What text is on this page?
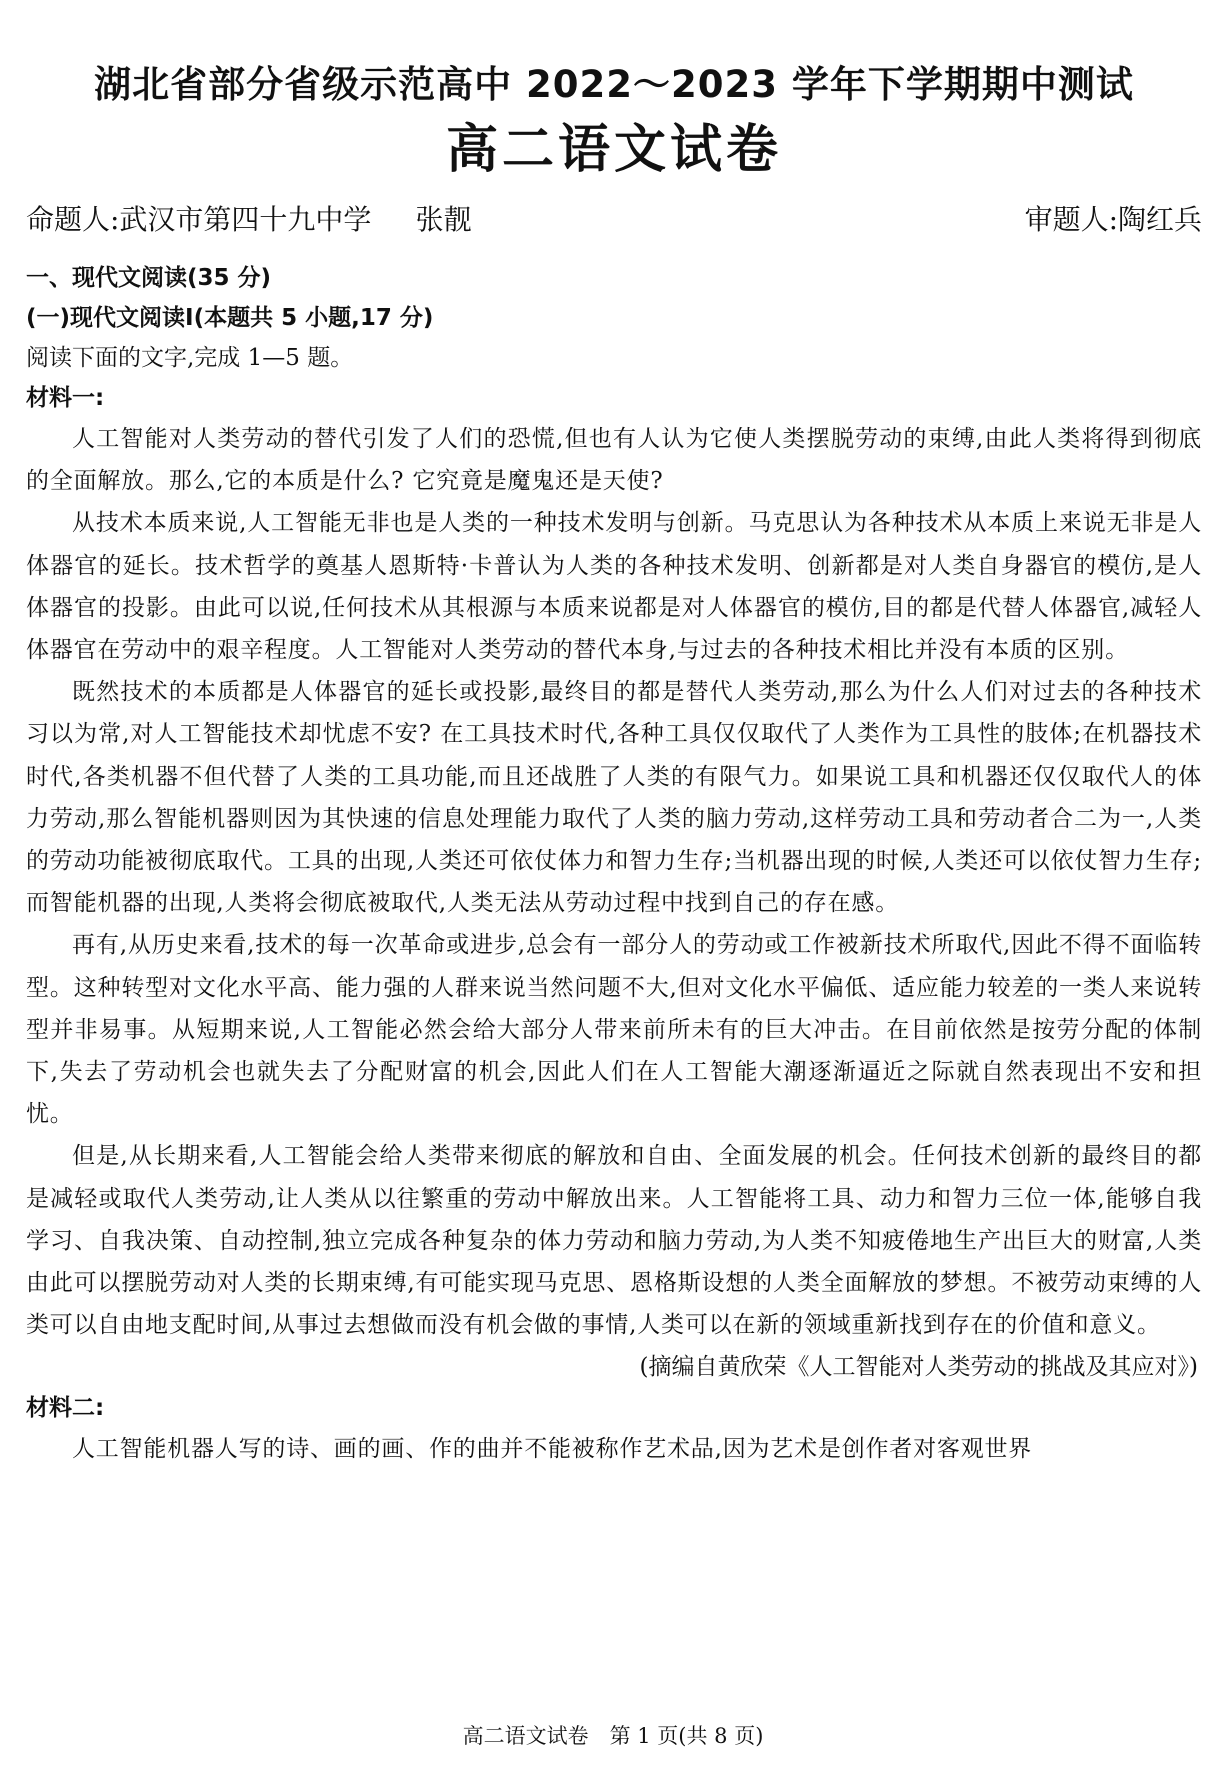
湖北省部分省级示范高中 2022～2023 学年下学期期中测试
高二语文试卷
命题人:武汉市第四十九中学 张靓	审题人:陶红兵
一、现代文阅读(35 分)
(一)现代文阅读Ⅰ(本题共 5 小题,17 分)
阅读下面的文字,完成 1—5 题。
材料一:

人工智能对人类劳动的替代引发了人们的恐慌,但也有人认为它使人类摆脱劳动的束缚,由此人类将得到彻底的全面解放。那么,它的本质是什么? 它究竟是魔鬼还是天使?

从技术本质来说,人工智能无非也是人类的一种技术发明与创新。马克思认为各种技术从本质上来说无非是人体器官的延长。技术哲学的奠基人恩斯特·卡普认为人类的各种技术发明、创新都是对人类自身器官的模仿,是人体器官的投影。由此可以说,任何技术从其根源与本质来说都是对人体器官的模仿,目的都是代替人体器官,减轻人体器官在劳动中的艰辛程度。人工智能对人类劳动的替代本身,与过去的各种技术相比并没有本质的区别。

既然技术的本质都是人体器官的延长或投影,最终目的都是替代人类劳动,那么为什么人们对过去的各种技术习以为常,对人工智能技术却忧虑不安? 在工具技术时代,各种工具仅仅取代了人类作为工具性的肢体;在机器技术时代,各类机器不但代替了人类的工具功能,而且还战胜了人类的有限气力。如果说工具和机器还仅仅取代人的体力劳动,那么智能机器则因为其快速的信息处理能力取代了人类的脑力劳动,这样劳动工具和劳动者合二为一,人类的劳动功能被彻底取代。工具的出现,人类还可依仗体力和智力生存;当机器出现的时候,人类还可以依仗智力生存;而智能机器的出现,人类将会彻底被取代,人类无法从劳动过程中找到自己的存在感。

再有,从历史来看,技术的每一次革命或进步,总会有一部分人的劳动或工作被新技术所取代,因此不得不面临转型。这种转型对文化水平高、能力强的人群来说当然问题不大,但对文化水平偏低、适应能力较差的一类人来说转型并非易事。从短期来说,人工智能必然会给大部分人带来前所未有的巨大冲击。在目前依然是按劳分配的体制下,失去了劳动机会也就失去了分配财富的机会,因此人们在人工智能大潮逐渐逼近之际就自然表现出不安和担忧。

但是,从长期来看,人工智能会给人类带来彻底的解放和自由、全面发展的机会。任何技术创新的最终目的都是减轻或取代人类劳动,让人类从以往繁重的劳动中解放出来。人工智能将工具、动力和智力三位一体,能够自我学习、自我决策、自动控制,独立完成各种复杂的体力劳动和脑力劳动,为人类不知疲倦地生产出巨大的财富,人类由此可以摆脱劳动对人类的长期束缚,有可能实现马克思、恩格斯设想的人类全面解放的梦想。不被劳动束缚的人类可以自由地支配时间,从事过去想做而没有机会做的事情,人类可以在新的领域重新找到存在的价值和意义。

(摘编自黄欣荣《人工智能对人类劳动的挑战及其应对》)
材料二:

人工智能机器人写的诗、画的画、作的曲并不能被称作艺术品,因为艺术是创作者对客观世界

高二语文试卷　第 1 页(共 8 页)
